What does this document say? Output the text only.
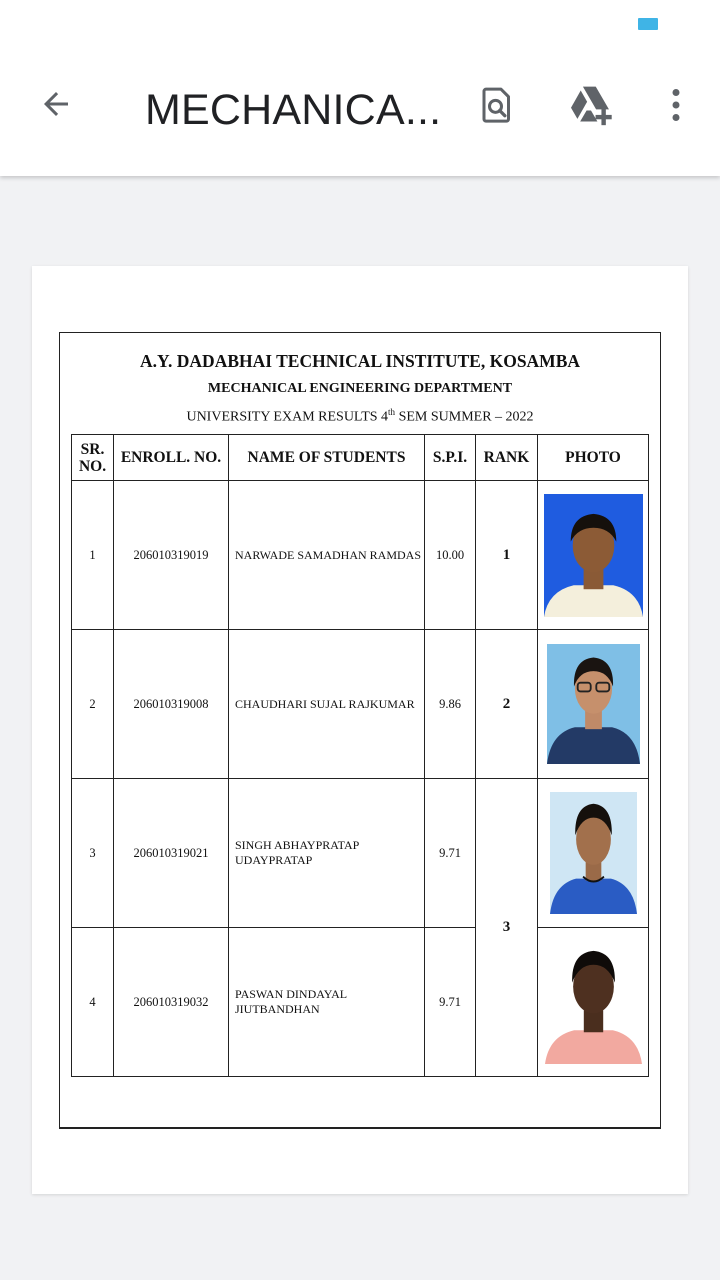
MECHANICA...
A.Y. DADABHAI TECHNICAL INSTITUTE, KOSAMBA
MECHANICAL ENGINEERING DEPARTMENT
UNIVERSITY EXAM RESULTS 4th SEM SUMMER – 2022
SR.
NO.	ENROLL. NO.	NAME OF STUDENTS	S.P.I.	RANK	PHOTO
1	206010319019	NARWADE SAMADHAN RAMDAS	10.00	1	

2	206010319008	CHAUDHARI SUJAL RAJKUMAR	9.86	2	

3	206010319021	SINGH ABHAYPRATAP
UDAYPRATAP	9.71	3	

4	206010319032	PASWAN DINDAYAL
JIUTBANDHAN	9.71	
